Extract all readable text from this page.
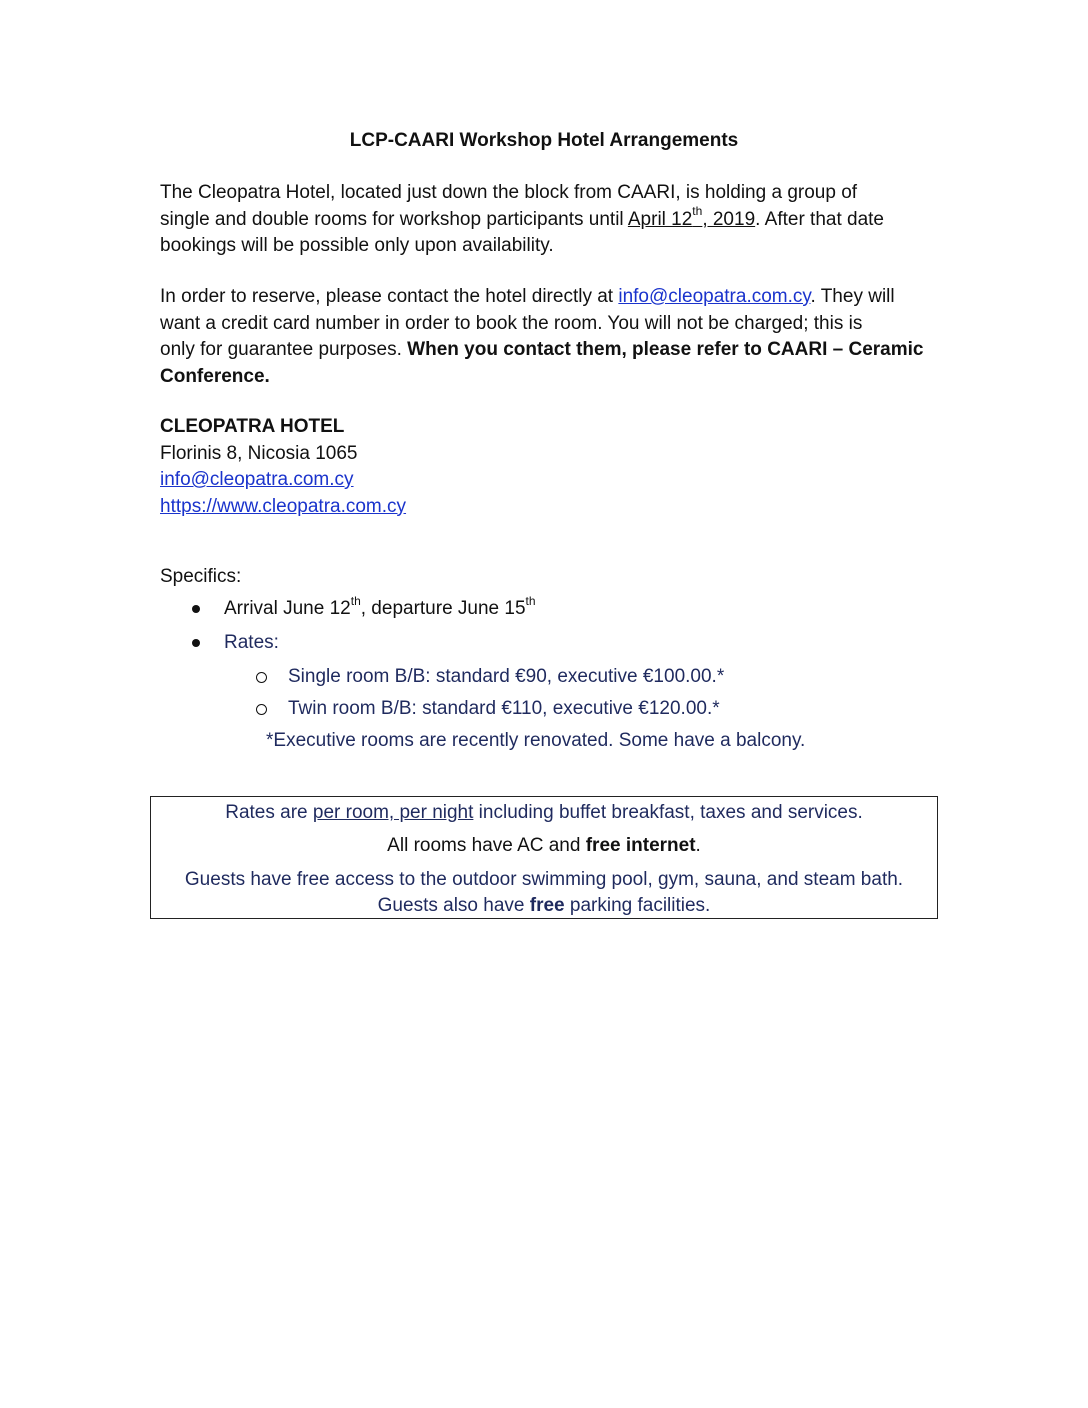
LCP-CAARI Workshop Hotel Arrangements
The Cleopatra Hotel, located just down the block from CAARI, is holding a group of
single and double rooms for workshop participants until April 12th, 2019. After that date
bookings will be possible only upon availability.
In order to reserve, please contact the hotel directly at info@cleopatra.com.cy. They will
want a credit card number in order to book the room. You will not be charged; this is
only for guarantee purposes. When you contact them, please refer to CAARI – Ceramic
Conference.
CLEOPATRA HOTEL
Florinis 8, Nicosia 1065
info@cleopatra.com.cy
https://www.cleopatra.com.cy
Specifics:
Arrival June 12th, departure June 15th
Rates:
Single room B/B: standard €90, executive €100.00.*
Twin room B/B: standard €110, executive €120.00.*
*Executive rooms are recently renovated. Some have a balcony.
Rates are per room, per night including buffet breakfast, taxes and services.
All rooms have AC and free internet.
Guests have free access to the outdoor swimming pool, gym, sauna, and steam bath.
Guests also have free parking facilities.
